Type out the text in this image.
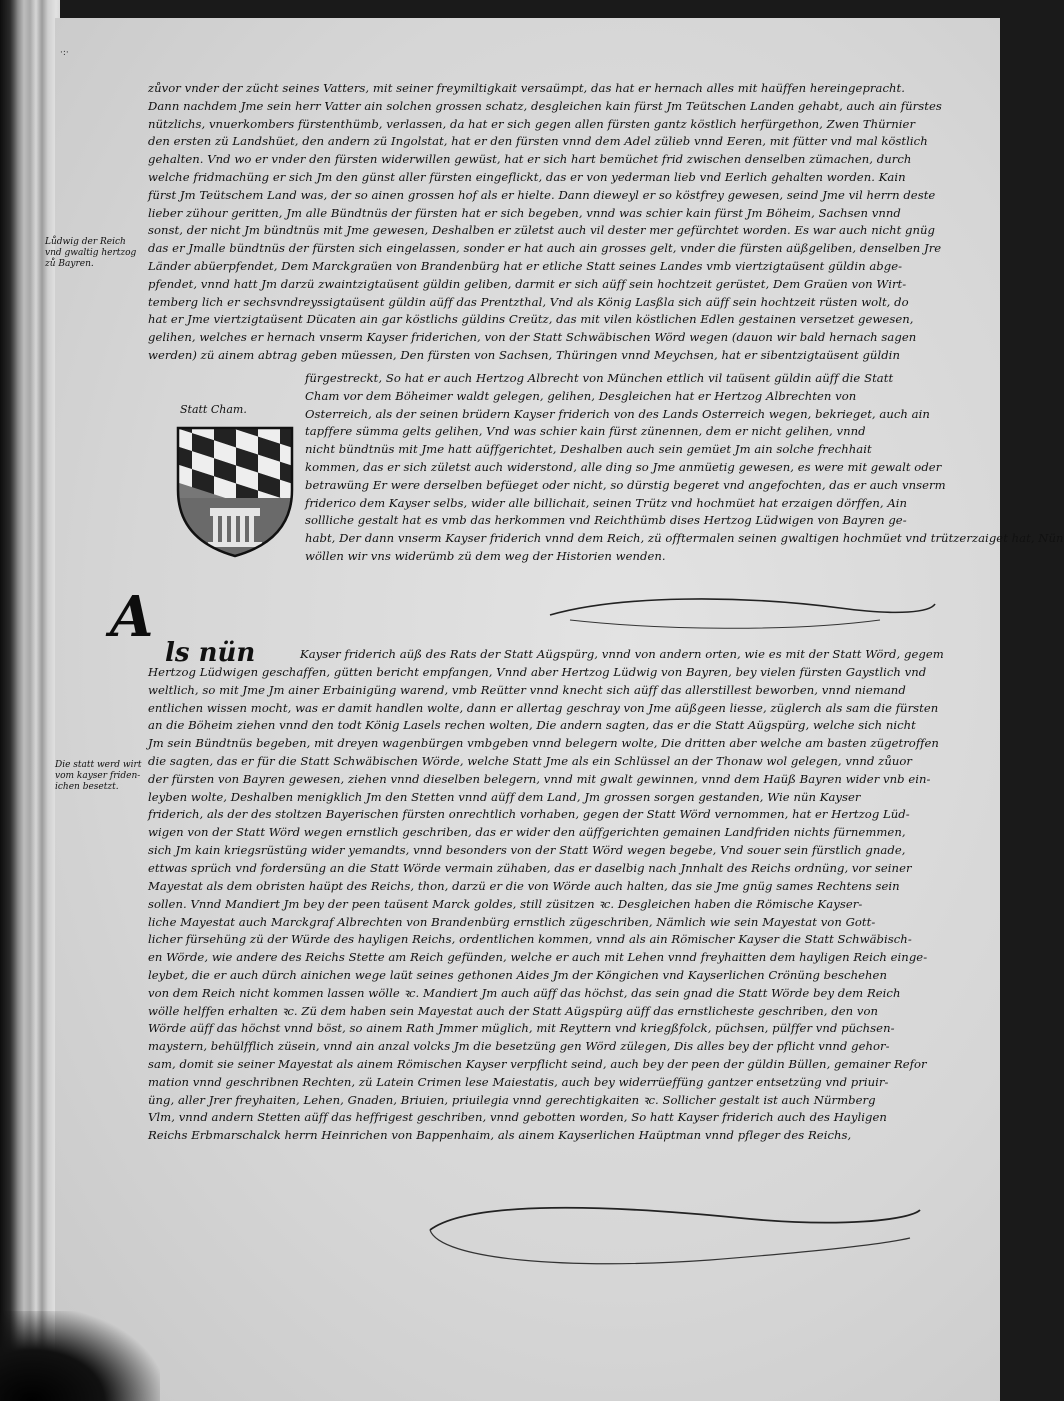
·:·
Lůdwig der Reich
vnd gwaltig hertzog
zů Bayren.
Die statt werd wirt
vom kayser friden-
ichen besetzt.
zůvor vnder der zücht seines Vatters, mit seiner freymiltigkait versaümpt, das hat er hernach alles mit haüffen hereingepracht.
Dann nachdem Jme sein herr Vatter ain solchen grossen schatz, desgleichen kain fürst Jm Teütschen Landen gehabt, auch ain fürstes
nützlichs, vnuerkombers fürstenthümb, verlassen, da hat er sich gegen allen fürsten gantz köstlich herfürgethon, Zwen Thürnier
den ersten zü Landshüet, den andern zü Ingolstat, hat er den fürsten vnnd dem Adel zülieb vnnd Eeren, mit fütter vnd mal köstlich
gehalten. Vnd wo er vnder den fürsten widerwillen gewüst, hat er sich hart bemüchet frid zwischen denselben zümachen, durch
welche fridmachüng er sich Jm den günst aller fürsten eingeflickt, das er von yederman lieb vnd Eerlich gehalten worden. Kain
fürst Jm Teütschem Land was, der so ainen grossen hof als er hielte. Dann dieweyl er so köstfrey gewesen, seind Jme vil herrn deste
lieber zühour geritten, Jm alle Bündtnüs der fürsten hat er sich begeben, vnnd was schier kain fürst Jm Böheim, Sachsen vnnd
sonst, der nicht Jm bündtnüs mit Jme gewesen, Deshalben er zületst auch vil dester mer gefürchtet worden. Es war auch nicht gnüg
das er Jmalle bündtnüs der fürsten sich eingelassen, sonder er hat auch ain grosses gelt, vnder die fürsten aüßgeliben, denselben Jre
Länder abüerpfendet, Dem Marckgraüen von Brandenbürg hat er etliche Statt seines Landes vmb viertzigtaüsent güldin abge-
pfendet, vnnd hatt Jm darzü zwaintzigtaüsent güldin geliben, darmit er sich aüff sein hochtzeit gerüstet, Dem Graüen von Wirt-
temberg lich er sechsvndreyssigtaüsent güldin aüff das Prentzthal, Vnd als König Lasßla sich aüff sein hochtzeit rüsten wolt, do
hat er Jme viertzigtaüsent Dücaten ain gar köstlichs güldins Creütz, das mit vilen köstlichen Edlen gestainen versetzet gewesen,
gelihen, welches er hernach vnserm Kayser friderichen, von der Statt Schwäbischen Wörd wegen (dauon wir bald hernach sagen
werden) zü ainem abtrag geben müessen, Den fürsten von Sachsen, Thüringen vnnd Meychsen, hat er sibentzigtaüsent güldin
Statt Cham.
fürgestreckt, So hat er auch Hertzog Albrecht von München ettlich vil taüsent güldin aüff die Statt
Cham vor dem Böheimer waldt gelegen, gelihen, Desgleichen hat er Hertzog Albrechten von
Osterreich, als der seinen brüdern Kayser friderich von des Lands Osterreich wegen, bekrieget, auch ain
tapffere sümma gelts gelihen, Vnd was schier kain fürst zünennen, dem er nicht gelihen, vnnd
nicht bündtnüs mit Jme hatt aüffgerichtet, Deshalben auch sein gemüet Jm ain solche frechhait
kommen, das er sich zületst auch widerstond, alle ding so Jme anmüetig gewesen, es were mit gewalt oder
betrawüng Er were derselben befüeget oder nicht, so dürstig begeret vnd angefochten, das er auch vnserm
friderico dem Kayser selbs, wider alle billichait, seinen Trütz vnd hochmüet hat erzaigen dörffen, Ain
sollliche gestalt hat es vmb das herkommen vnd Reichthümb dises Hertzog Lüdwigen von Bayren ge-
habt, Der dann vnserm Kayser friderich vnnd dem Reich, zü offtermalen seinen gwaltigen hochmüet vnd trützerzaiget hat, Nün
wöllen wir vns widerümb zü dem weg der Historien wenden.
A
ls nün	Kayser friderich aüß des Rats der Statt Aügspürg, vnnd von andern orten, wie es mit der Statt Wörd, gegem
Hertzog Lüdwigen geschaffen, gütten bericht empfangen, Vnnd aber Hertzog Lüdwig von Bayren, bey vielen fürsten Gaystlich vnd
weltlich, so mit Jme Jm ainer Erbainigüng warend, vmb Reütter vnnd knecht sich aüff das allerstillest beworben, vnnd niemand
entlichen wissen mocht, was er damit handlen wolte, dann er allertag geschray von Jme aüßgeen liesse, züglerch als sam die fürsten
an die Böheim ziehen vnnd den todt König Lasels rechen wolten, Die andern sagten, das er die Statt Aügspürg, welche sich nicht
Jm sein Bündtnüs begeben, mit dreyen wagenbürgen vmbgeben vnnd belegern wolte, Die dritten aber welche am basten zügetroffen
die sagten, das er für die Statt Schwäbischen Wörde, welche Statt Jme als ein Schlüssel an der Thonaw wol gelegen, vnnd zůuor
der fürsten von Bayren gewesen, ziehen vnnd dieselben belegern, vnnd mit gwalt gewinnen, vnnd dem Haüß Bayren wider vnb ein-
leyben wolte, Deshalben menigklich Jm den Stetten vnnd aüff dem Land, Jm grossen sorgen gestanden, Wie nün Kayser
friderich, als der des stoltzen Bayerischen fürsten onrechtlich vorhaben, gegen der Statt Wörd vernommen, hat er Hertzog Lüd-
wigen von der Statt Wörd wegen ernstlich geschriben, das er wider den aüffgerichten gemainen Landfriden nichts fürnemmen,
sich Jm kain kriegsrüstüng wider yemandts, vnnd besonders von der Statt Wörd wegen begebe, Vnd souer sein fürstlich gnade,
ettwas sprüch vnd fordersüng an die Statt Wörde vermain zühaben, das er daselbig nach Jnnhalt des Reichs ordnüng, vor seiner
Mayestat als dem obristen haüpt des Reichs, thon, darzü er die von Wörde auch halten, das sie Jme gnüg sames Rechtens sein
sollen. Vnnd Mandiert Jm bey der peen taüsent Marck goldes, still züsitzen ꝛc. Desgleichen haben die Römische Kayser-
liche Mayestat auch Marckgraf Albrechten von Brandenbürg ernstlich zügeschriben, Nämlich wie sein Mayestat von Gott-
licher fürsehüng zü der Würde des hayligen Reichs, ordentlichen kommen, vnnd als ain Römischer Kayser die Statt Schwäbisch-
en Wörde, wie andere des Reichs Stette am Reich gefünden, welche er auch mit Lehen vnnd freyhaitten dem hayligen Reich einge-
leybet, die er auch dürch ainichen wege laüt seines gethonen Aides Jm der Köngichen vnd Kayserlichen Crönüng beschehen
von dem Reich nicht kommen lassen wölle ꝛc. Mandiert Jm auch aüff das höchst, das sein gnad die Statt Wörde bey dem Reich
wölle helffen erhalten ꝛc. Zü dem haben sein Mayestat auch der Statt Aügspürg aüff das ernstlicheste geschriben, den von
Wörde aüff das höchst vnnd böst, so ainem Rath Jmmer müglich, mit Reyttern vnd kriegßfolck, püchsen, pülffer vnd püchsen-
maystern, behülfflich züsein, vnnd ain anzal volcks Jm die besetzüng gen Wörd zülegen, Dis alles bey der pflicht vnnd gehor-
sam, domit sie seiner Mayestat als ainem Römischen Kayser verpflicht seind, auch bey der peen der güldin Büllen, gemainer Refor
mation vnnd geschribnen Rechten, zü Latein Crimen lese Maiestatis, auch bey widerrüeffüng gantzer entsetzüng vnd priuir-
üng, aller Jrer freyhaiten, Lehen, Gnaden, Briuien, priuilegia vnnd gerechtigkaiten ꝛc. Sollicher gestalt ist auch Nürmberg
Vlm, vnnd andern Stetten aüff das heffrigest geschriben, vnnd gebotten worden, So hatt Kayser friderich auch des Hayligen
Reichs Erbmarschalck herrn Heinrichen von Bappenhaim, als ainem Kayserlichen Haüptman vnnd pfleger des Reichs,
